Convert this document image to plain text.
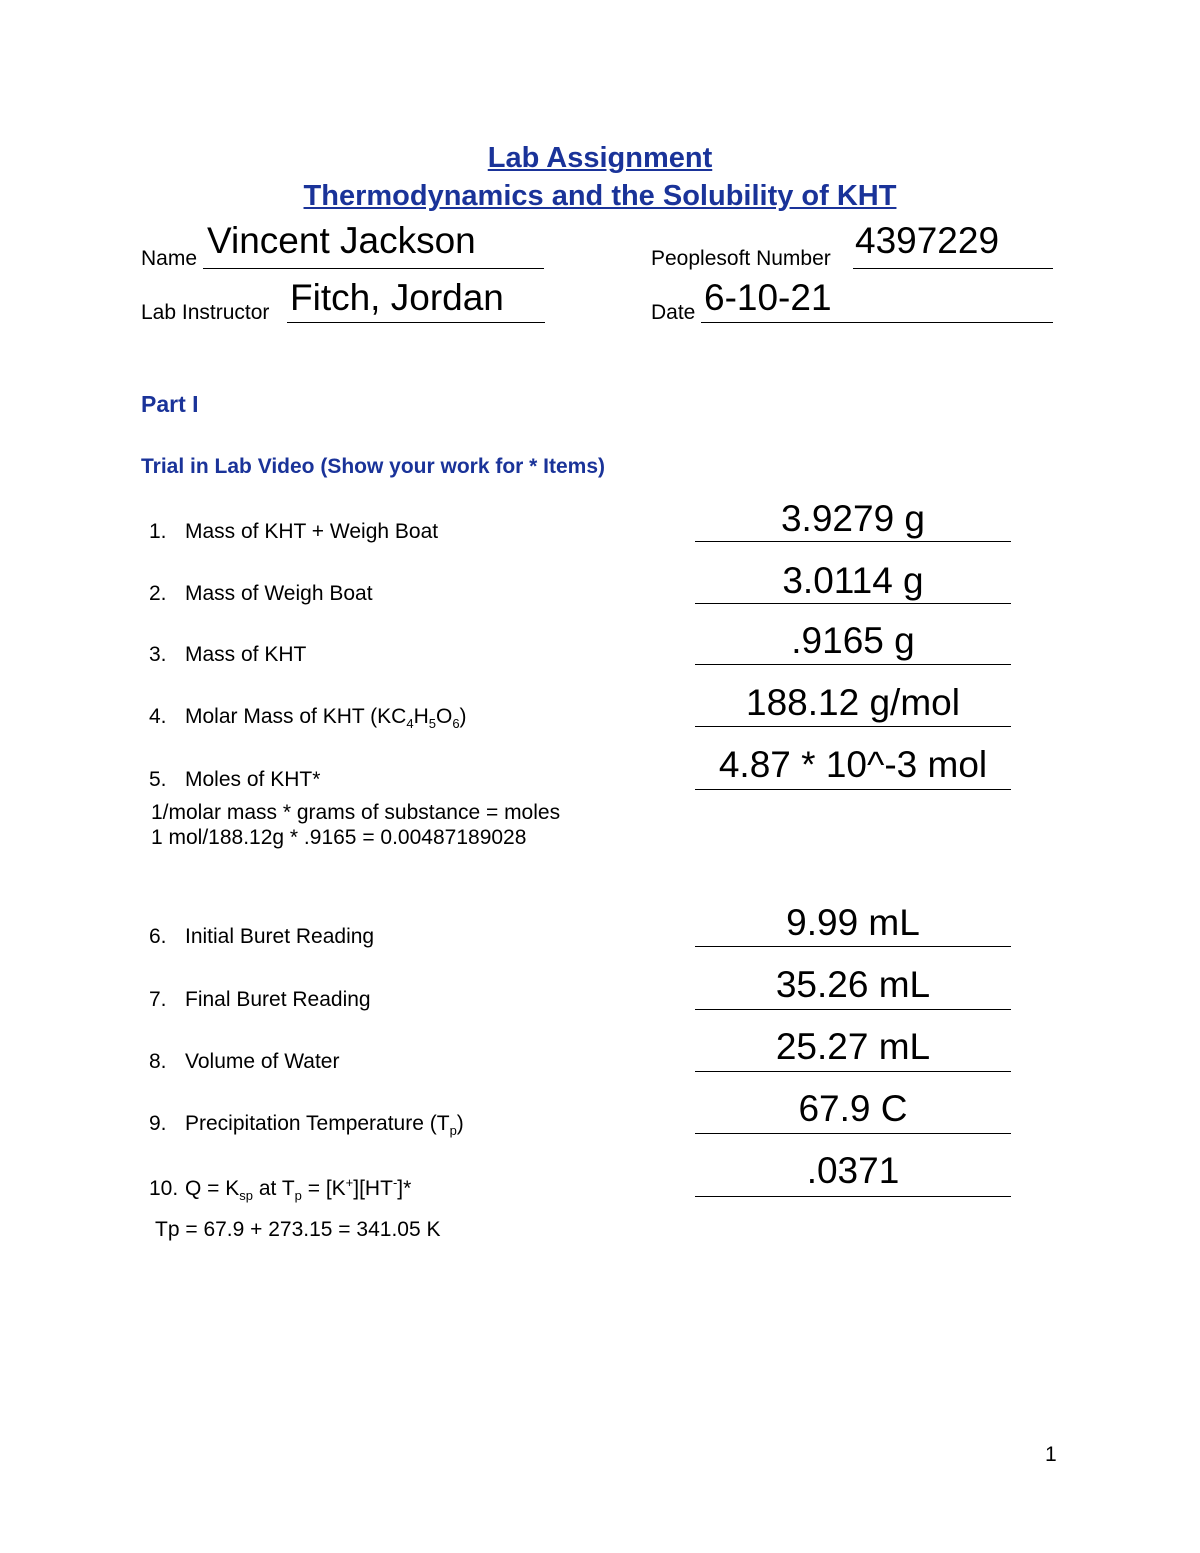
Lab Assignment
Thermodynamics and the Solubility of KHT
Name Vincent Jackson	Peoplesoft Number 4397229
Lab Instructor Fitch, Jordan	Date 6-10-21
Part I
Trial in Lab Video (Show your work for * Items)
1. Mass of KHT + Weigh Boat	3.9279 g
2. Mass of Weigh Boat	3.0114 g
3. Mass of KHT	.9165 g
4. Molar Mass of KHT $(KC_4H_5O_6)$	188.12 g/mol
5. Moles of KHT*	4.87 * 10^-3 mol
1/molar mass * grams of substance = moles
1 mol/188.12g * .9165 = 0.00487189028
6. Initial Buret Reading	9.99 mL
7. Final Buret Reading	35.26 mL
8. Volume of Water	25.27 mL
9. Precipitation Temperature $(T_p)$	67.9 C
10. $Q = K_{sp}$ at $T_p = [K^+][HT^-]*$	.0371
Tp = 67.9 + 273.15 = 341.05 K
1
